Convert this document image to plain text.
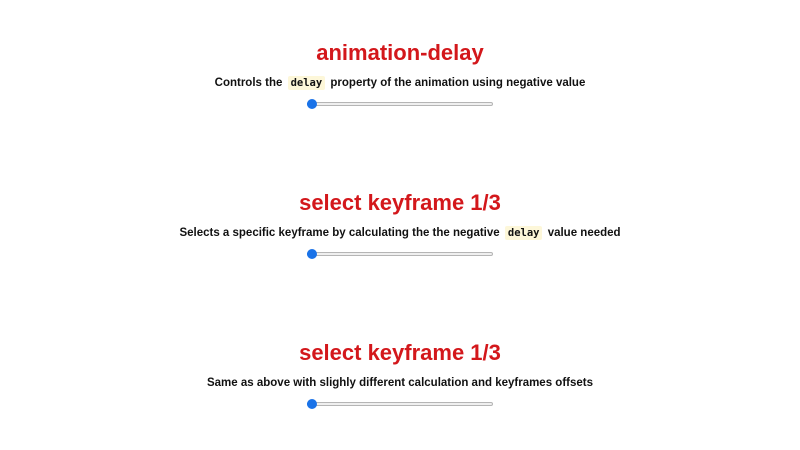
animation-delay

Controls the delay property of the animation using negative value

select keyframe 1/3

Selects a specific keyframe by calculating the the negative delay value needed

select keyframe 1/3

Same as above with slighly different calculation and keyframes offsets
